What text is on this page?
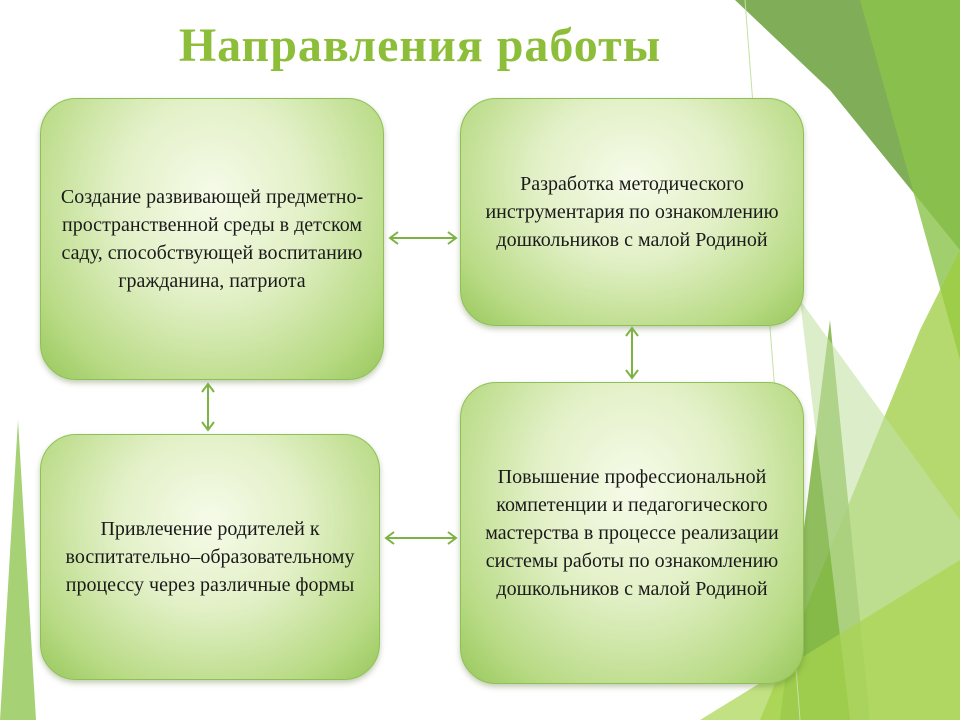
Направления работы
Создание развивающей предметно-пространственной среды в детском саду, способствующей воспитанию гражданина, патриота
Разработка методического инструментария по ознакомлению дошкольников с малой Родиной
Привлечение родителей к воспитательно–образовательному процессу через различные формы
Повышение профессиональной компетенции и педагогического мастерства в процессе реализации системы работы по ознакомлению дошкольников с малой Родиной
